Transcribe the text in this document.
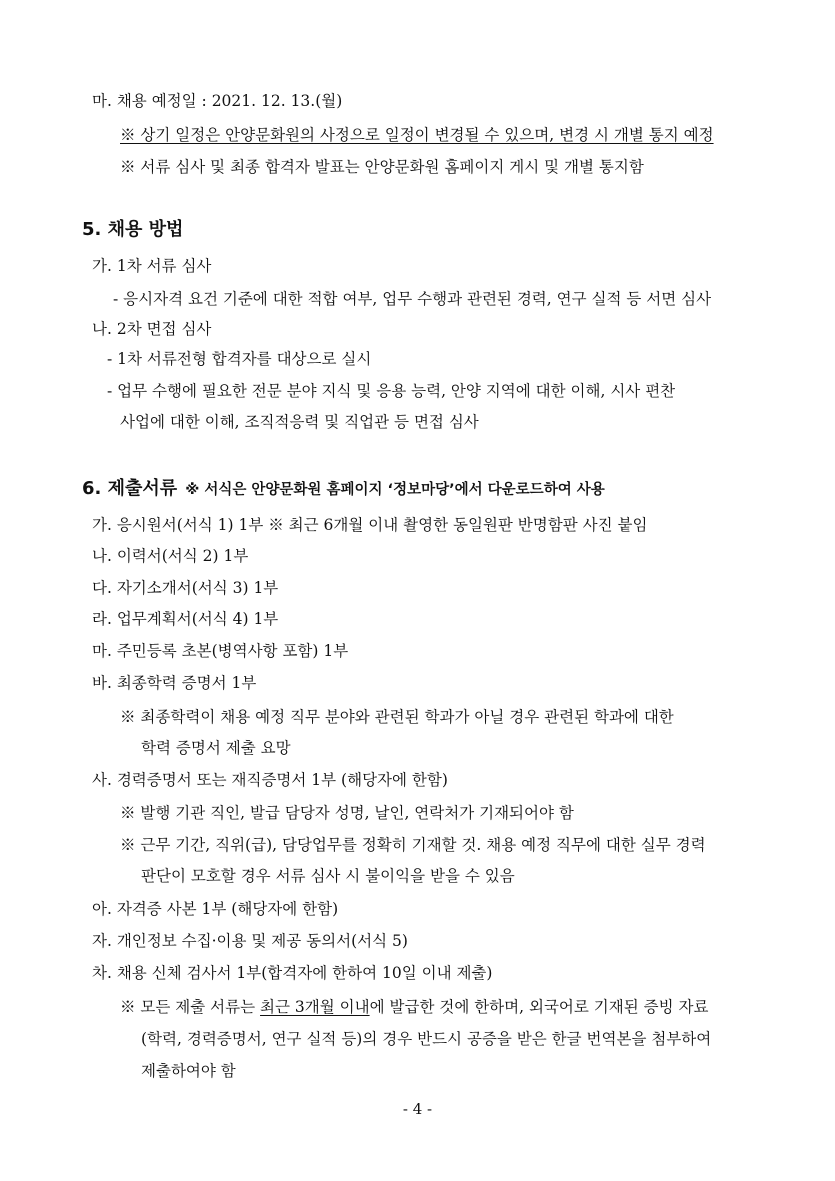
마. 채용 예정일 : 2021. 12. 13.(월)
※ 상기 일정은 안양문화원의 사정으로 일정이 변경될 수 있으며, 변경 시 개별 통지 예정
※ 서류 심사 및 최종 합격자 발표는 안양문화원 홈페이지 게시 및 개별 통지함
5. 채용 방법
가. 1차 서류 심사
- 응시자격 요건 기준에 대한 적합 여부, 업무 수행과 관련된 경력, 연구 실적 등 서면 심사
나. 2차 면접 심사
- 1차 서류전형 합격자를 대상으로 실시
- 업무 수행에 필요한 전문 분야 지식 및 응용 능력, 안양 지역에 대한 이해, 시사 편찬
사업에 대한 이해, 조직적응력 및 직업관 등 면접 심사
6. 제출서류 ※ 서식은 안양문화원 홈페이지 ‘정보마당’에서 다운로드하여 사용
가. 응시원서(서식 1) 1부 ※ 최근 6개월 이내 촬영한 동일원판 반명함판 사진 붙임
나. 이력서(서식 2) 1부
다. 자기소개서(서식 3) 1부
라. 업무계획서(서식 4) 1부
마. 주민등록 초본(병역사항 포함) 1부
바. 최종학력 증명서 1부
※ 최종학력이 채용 예정 직무 분야와 관련된 학과가 아닐 경우 관련된 학과에 대한
학력 증명서 제출 요망
사. 경력증명서 또는 재직증명서 1부 (해당자에 한함)
※ 발행 기관 직인, 발급 담당자 성명, 날인, 연락처가 기재되어야 함
※ 근무 기간, 직위(급), 담당업무를 정확히 기재할 것. 채용 예정 직무에 대한 실무 경력
판단이 모호할 경우 서류 심사 시 불이익을 받을 수 있음
아. 자격증 사본 1부 (해당자에 한함)
자. 개인정보 수집·이용 및 제공 동의서(서식 5)
차. 채용 신체 검사서 1부(합격자에 한하여 10일 이내 제출)
※ 모든 제출 서류는 최근 3개월 이내에 발급한 것에 한하며, 외국어로 기재된 증빙 자료
(학력, 경력증명서, 연구 실적 등)의 경우 반드시 공증을 받은 한글 번역본을 첨부하여
제출하여야 함
- 4 -
